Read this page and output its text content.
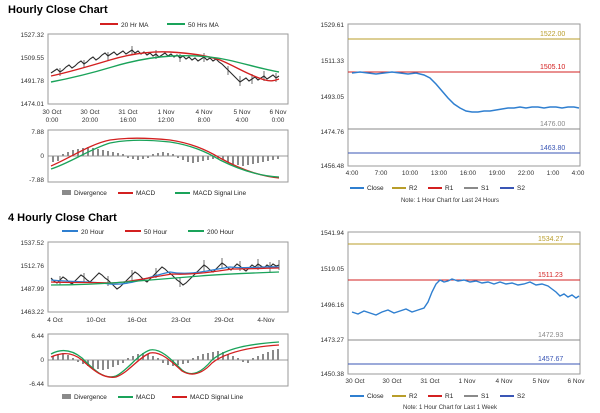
Hourly Close Chart
4 Hourly Close Chart
20 Hr MA	50 Hrs MA
1527.32
1509.55
1491.78
1474.01
30 Oct
0:00
30 Oct
20:00
31 Oct
16:00
1 Nov
12:00
4 Nov
8:00
5 Nov
4:00
6 Nov
0:00
7.88
0
-7.88
Divergence	MACD	MACD Signal Line
1529.61
1511.33
1493.05
1474.76
1456.48
1522.00
1505.10
1476.00
1463.80
4:00	7:00 10:00 13:00 16:00 19:00 22:00 1:00 4:00
Close	R2	R1	S1	S2
Note: 1 Hour Chart for Last 24 Hours
20 Hour	50 Hour	200 Hour
1537.52
1512.76
1487.99
1463.22
4 Oct	10-Oct	16-Oct	23-Oct	29-Oct	4-Nov
6.44
0
-6.44
Divergence	MACD	MACD Signal Line
1541.94
1519.05
1496.16
1473.27
1450.38
1534.27
1511.23
1472.93
1457.67
30 Oct	30 Oct	31 Oct	1 Nov	4 Nov	5 Nov	6 Nov
Close	R2	R1	S1	S2
Note: 1 Hour Chart for Last 1 Week
